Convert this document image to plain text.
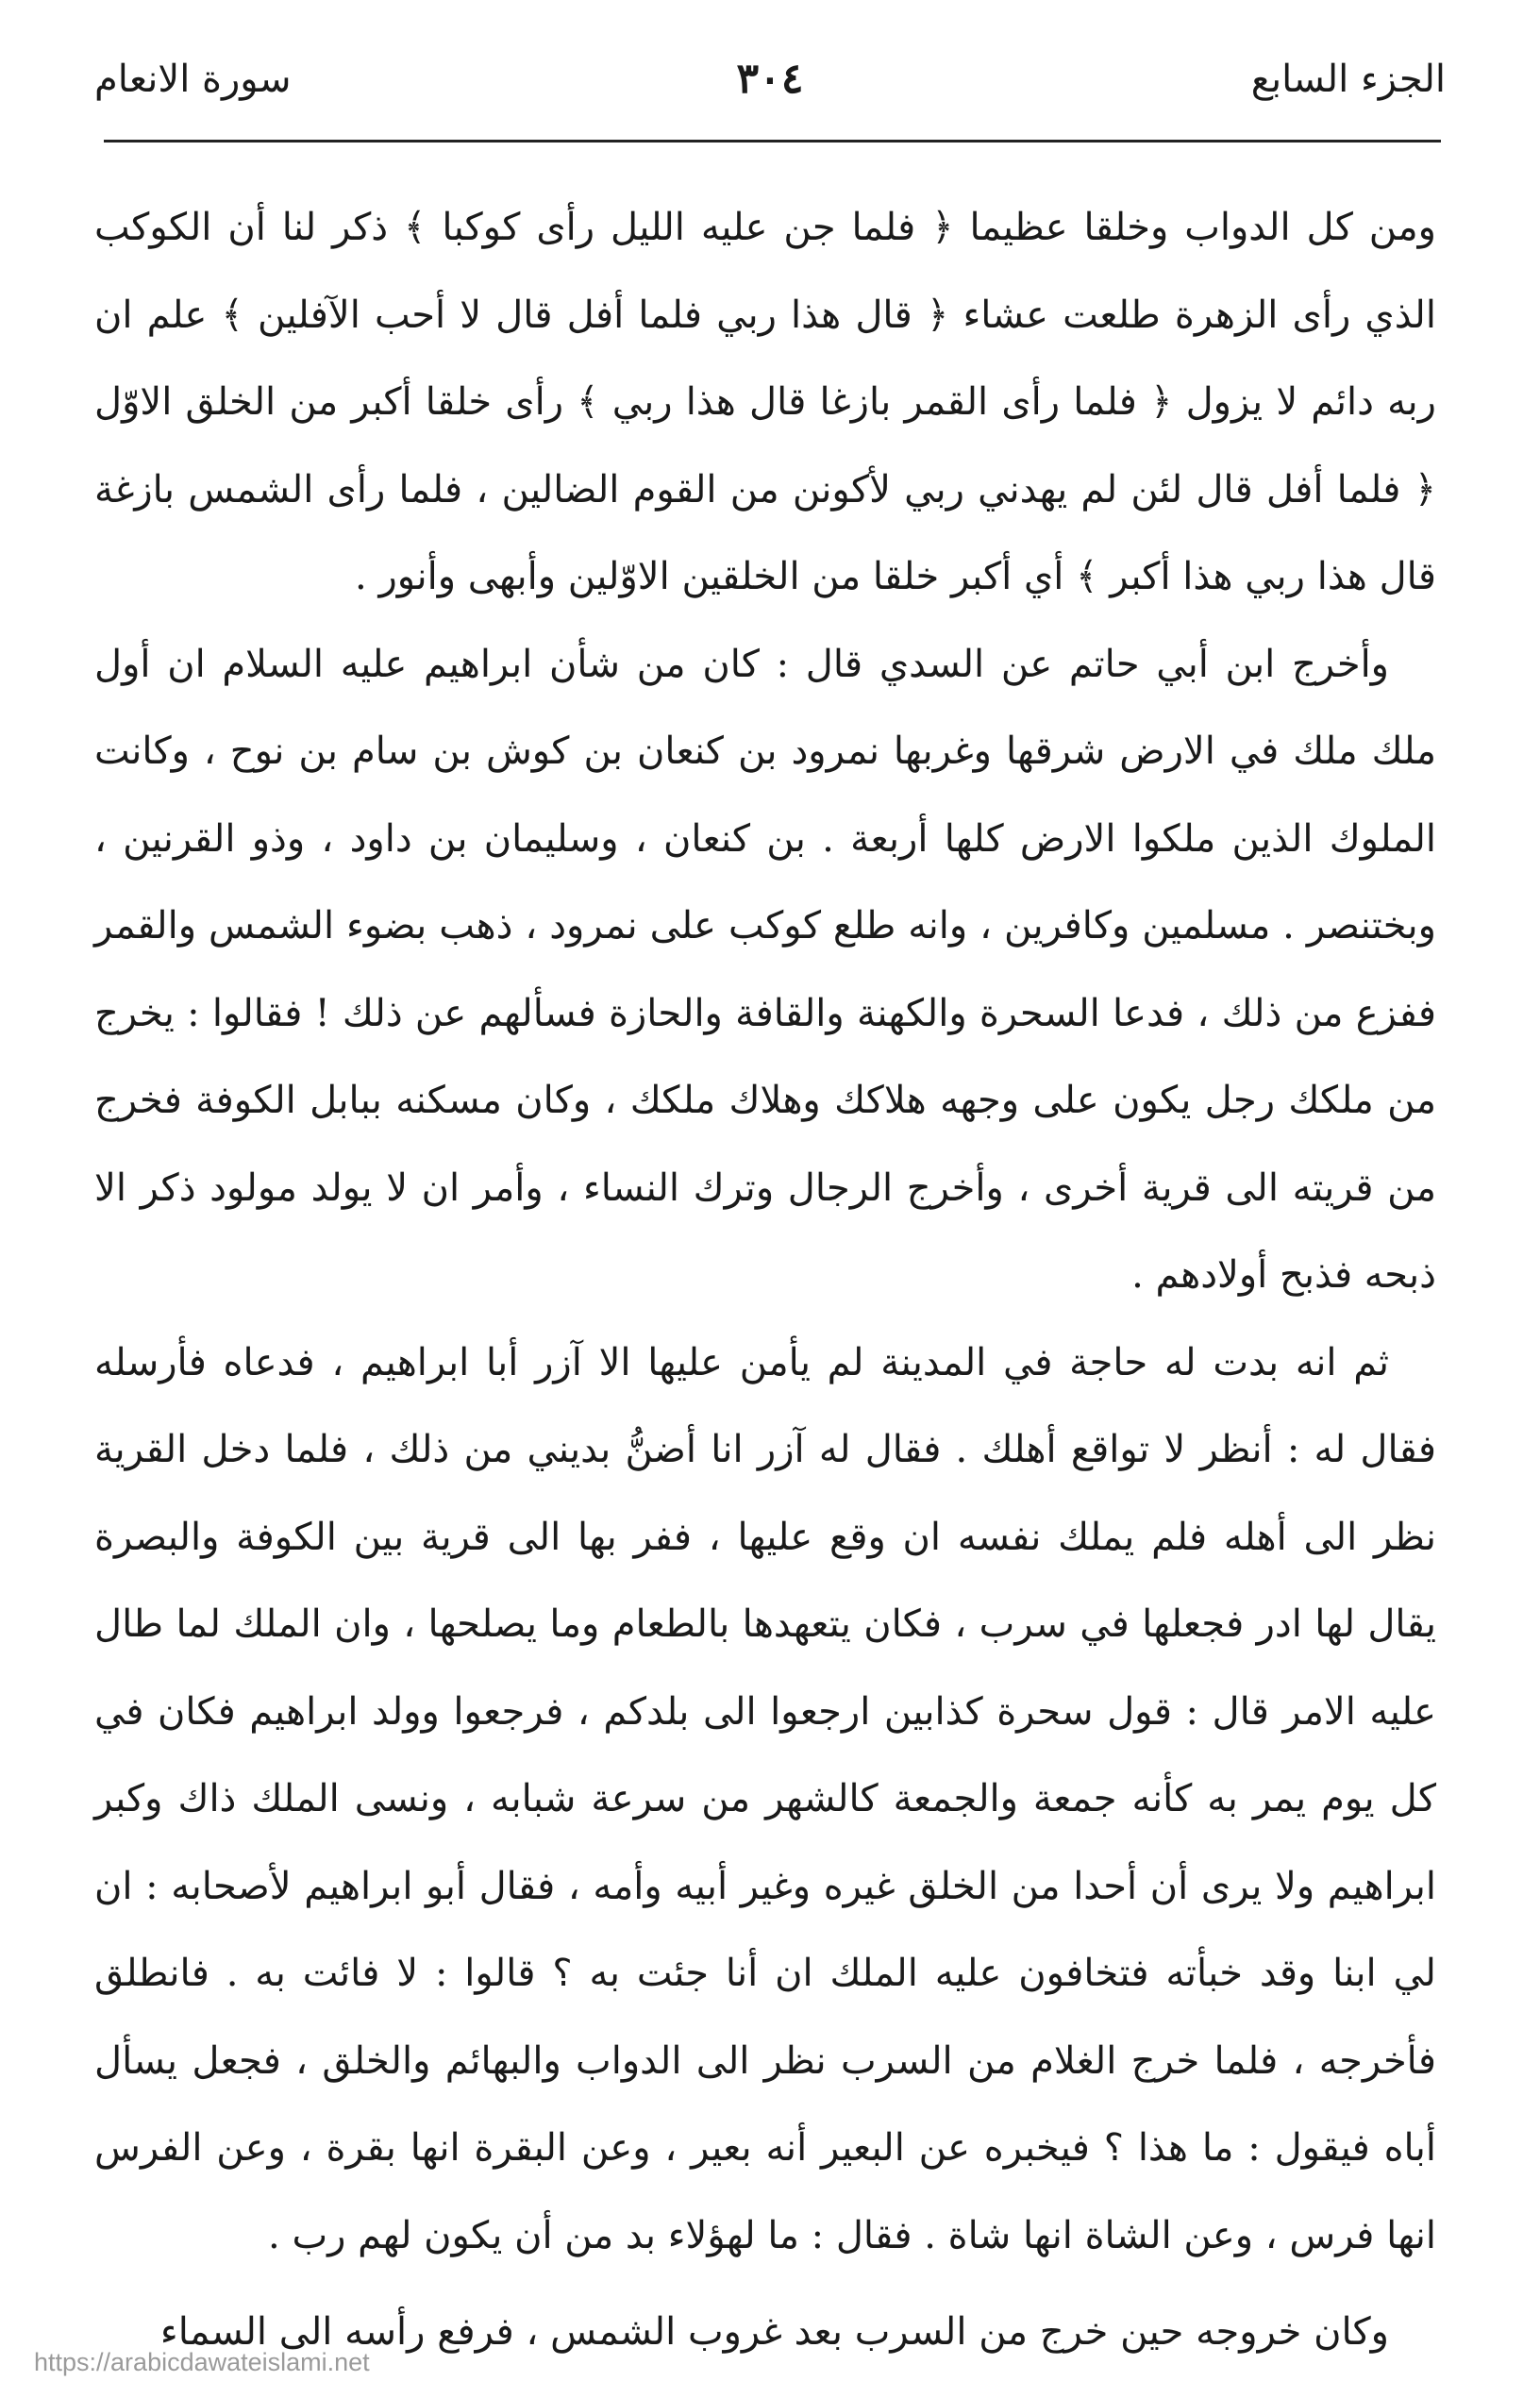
الجزء السابع
٣٠٤
سورة الانعام

ومن كل الدواب وخلقا عظيما ﴿ فلما جن عليه الليل رأى كوكبا ﴾ ذكر لنا أن الكوكب الذي رأى الزهرة طلعت عشاء ﴿ قال هذا ربي فلما أفل قال لا أحب الآفلين ﴾ علم ان ربه دائم لا يزول ﴿ فلما رأى القمر بازغا قال هذا ربي ﴾ رأى خلقا أكبر من الخلق الاوّل ﴿ فلما أفل قال لئن لم يهدني ربي لأكونن من القوم الضالين ، فلما رأى الشمس بازغة قال هذا ربي هذا أكبر ﴾ أي أكبر خلقا من الخلقين الاوّلين وأبهى وأنور .

وأخرج ابن أبي حاتم عن السدي قال : كان من شأن ابراهيم عليه السلام ان أول ملك ملك في الارض شرقها وغربها نمرود بن كنعان بن كوش بن سام بن نوح ، وكانت الملوك الذين ملكوا الارض كلها أربعة . بن كنعان ، وسليمان بن داود ، وذو القرنين ، وبختنصر . مسلمين وكافرين ، وانه طلع كوكب على نمرود ، ذهب بضوء الشمس والقمر ففزع من ذلك ، فدعا السحرة والكهنة والقافة والحازة فسألهم عن ذلك ! فقالوا : يخرج من ملكك رجل يكون على وجهه هلاكك وهلاك ملكك ، وكان مسكنه ببابل الكوفة فخرج من قريته الى قرية أخرى ، وأخرج الرجال وترك النساء ، وأمر ان لا يولد مولود ذكر الا ذبحه فذبح أولادهم .

ثم انه بدت له حاجة في المدينة لم يأمن عليها الا آزر أبا ابراهيم ، فدعاه فأرسله فقال له : أنظر لا تواقع أهلك . فقال له آزر انا أضنُّ بديني من ذلك ، فلما دخل القرية نظر الى أهله فلم يملك نفسه ان وقع عليها ، ففر بها الى قرية بين الكوفة والبصرة يقال لها ادر فجعلها في سرب ، فكان يتعهدها بالطعام وما يصلحها ، وان الملك لما طال عليه الامر قال : قول سحرة كذابين ارجعوا الى بلدكم ، فرجعوا وولد ابراهيم فكان في كل يوم يمر به كأنه جمعة والجمعة كالشهر من سرعة شبابه ، ونسى الملك ذاك وكبر ابراهيم ولا يرى أن أحدا من الخلق غيره وغير أبيه وأمه ، فقال أبو ابراهيم لأصحابه : ان لي ابنا وقد خبأته فتخافون عليه الملك ان أنا جئت به ؟ قالوا : لا فائت به . فانطلق فأخرجه ، فلما خرج الغلام من السرب نظر الى الدواب والبهائم والخلق ، فجعل يسأل أباه فيقول : ما هذا ؟ فيخبره عن البعير أنه بعير ، وعن البقرة انها بقرة ، وعن الفرس انها فرس ، وعن الشاة انها شاة . فقال : ما لهؤلاء بد من أن يكون لهم رب .

وكان خروجه حين خرج من السرب بعد غروب الشمس ، فرفع رأسه الى السماء

https://arabicdawateislami.net
